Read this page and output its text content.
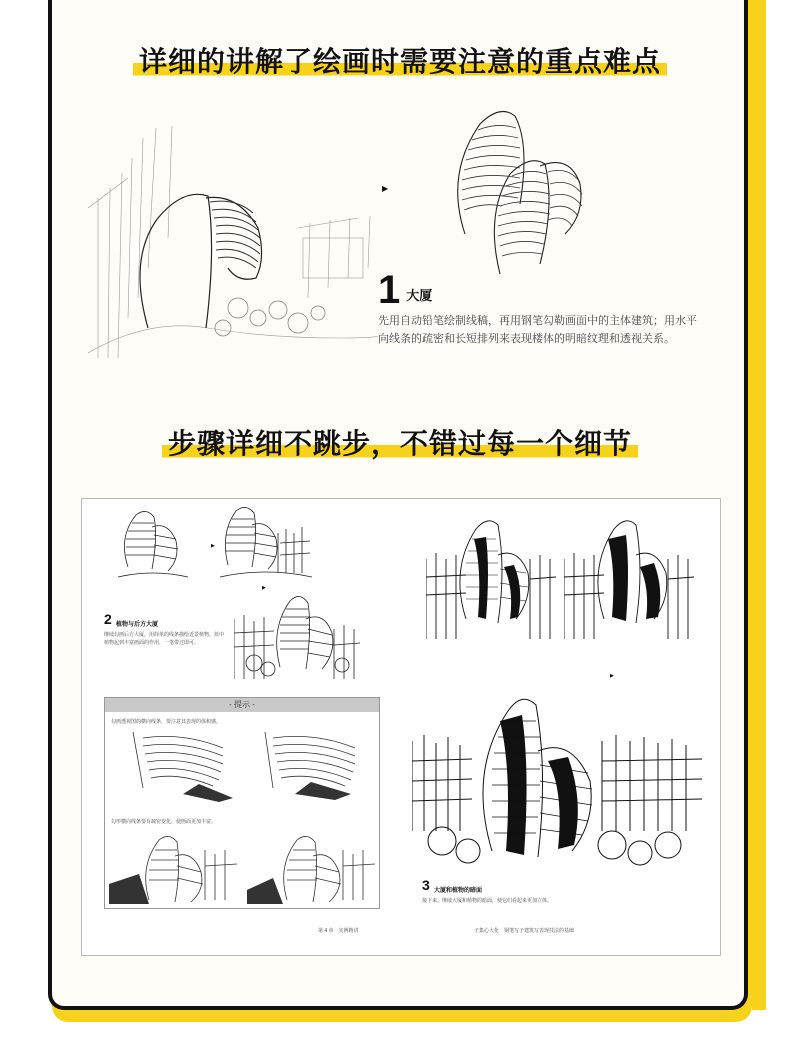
详细的讲解了绘画时需要注意的重点难点
▶
1 大厦
先用自动铅笔绘制线稿，再用钢笔勾勒画面中的主体建筑；用水平向线条的疏密和长短排列来表现楼体的明暗纹理和透视关系。
步骤详细不跳步，不错过每一个细节
▶
▶
2 植物与后方大厦
继续勾画后方大厦，用简单的线条描绘近景植物，蓝中植物起到丰富画面的作用，一笔带过即可。
- 提示 -
勾画透视图的横向线条，要注意其表现的体积感。
勾形横向线条要有疏密变化，使画面更加丰富。
第 4 章　实例精讲
▶
3 大厦和植物的暗面
接下来，继续大厦和植物的暗面，使它们看起来更加立体。
子集心大化　钢笔写子建筑写表现技法的基础
